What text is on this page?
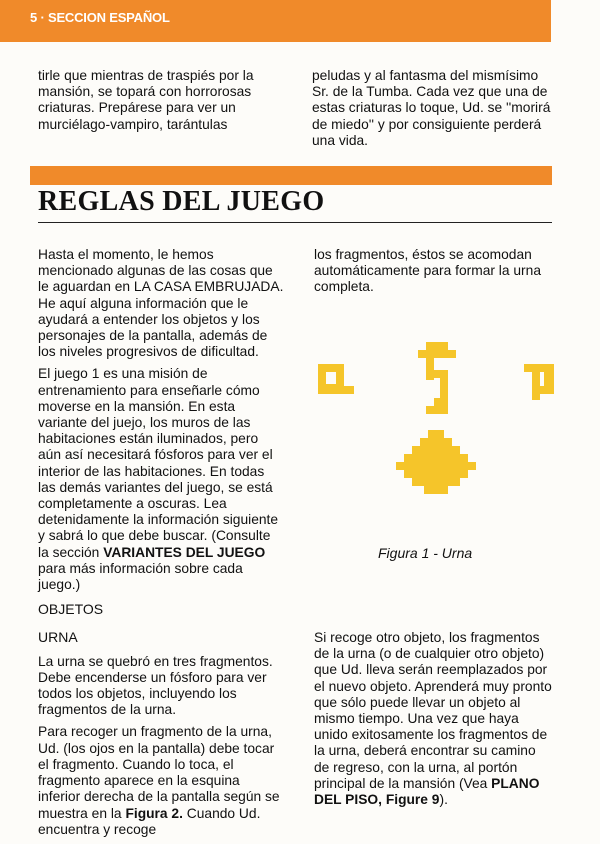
5 · SECCION ESPAÑOL

tirle que mientras de traspiés por la mansión, se topará con horrorosas criaturas. Prepárese para ver un murciélago-vampiro, tarántulas

peludas y al fantasma del mismísimo Sr. de la Tumba. Cada vez que una de estas criaturas lo toque, Ud. se ''morirá de miedo'' y por consiguiente perderá una vida.

REGLAS DEL JUEGO

Hasta el momento, le hemos mencionado algunas de las cosas que le aguardan en LA CASA EMBRUJADA. He aquí alguna información que le ayudará a entender los objetos y los personajes de la pantalla, además de los niveles progresivos de dificultad.

El juego 1 es una misión de entrenamiento para enseñarle cómo moverse en la mansión. En esta variante del juejo, los muros de las habitaciones están iluminados, pero aún así necesitará fósforos para ver el interior de las habitaciones. En todas las demás variantes del juego, se está completamente a oscuras. Lea detenidamente la información siguiente y sabrá lo que debe buscar. (Consulte la sección VARIANTES DEL JUEGO para más información sobre cada juego.)

OBJETOS
URNA

La urna se quebró en tres fragmentos. Debe encenderse un fósforo para ver todos los objetos, incluyendo los fragmentos de la urna.

Para recoger un fragmento de la urna, Ud. (los ojos en la pantalla) debe tocar el fragmento. Cuando lo toca, el fragmento aparece en la esquina inferior derecha de la pantalla según se muestra en la Figura 2. Cuando Ud. encuentra y recoge

los fragmentos, éstos se acomodan automáticamente para formar la urna completa.

Figura 1 - Urna

Si recoge otro objeto, los fragmentos de la urna (o de cualquier otro objeto) que Ud. lleva serán reemplazados por el nuevo objeto. Aprenderá muy pronto que sólo puede llevar un objeto al mismo tiempo. Una vez que haya unido exitosamente los fragmentos de la urna, deberá encontrar su camino de regreso, con la urna, al portón principal de la mansión (Vea PLANO DEL PISO, Figure 9).
